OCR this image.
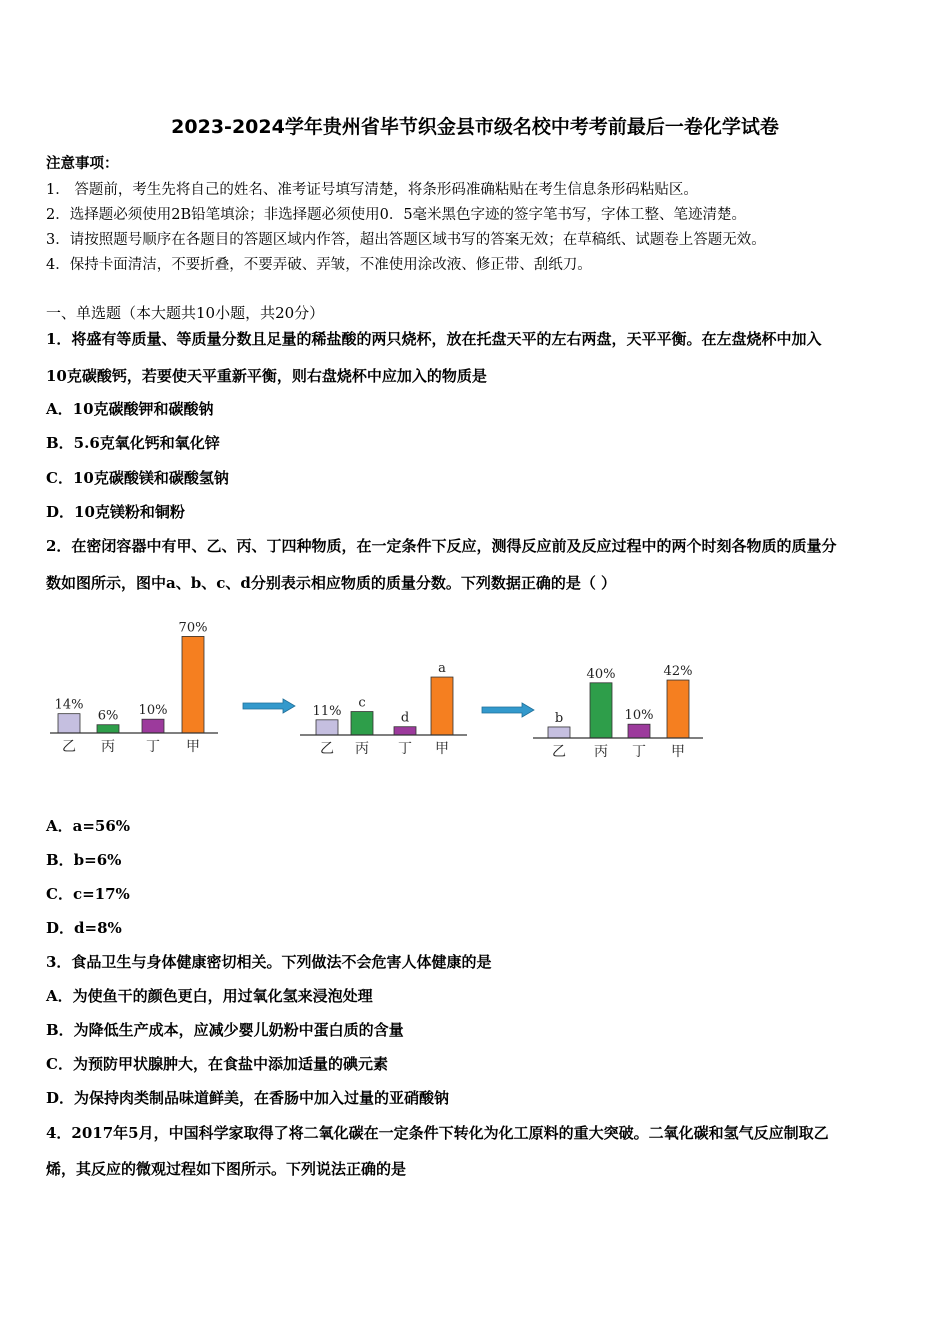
2023-2024学年贵州省毕节织金县市级名校中考考前最后一卷化学试卷
注意事项：
1． 答题前，考生先将自己的姓名、准考证号填写清楚，将条形码准确粘贴在考生信息条形码粘贴区。
2．选择题必须使用2B铅笔填涂；非选择题必须使用0．5毫米黑色字迹的签字笔书写，字体工整、笔迹清楚。
3．请按照题号顺序在各题目的答题区域内作答，超出答题区域书写的答案无效；在草稿纸、试题卷上答题无效。
4．保持卡面清洁，不要折叠，不要弄破、弄皱，不准使用涂改液、修正带、刮纸刀。
一、单选题（本大题共10小题，共20分）
1．将盛有等质量、等质量分数且足量的稀盐酸的两只烧杯，放在托盘天平的左右两盘，天平平衡。在左盘烧杯中加入
10克碳酸钙，若要使天平重新平衡，则右盘烧杯中应加入的物质是
A．10克碳酸钾和碳酸钠
B．5.6克氧化钙和氧化锌
C．10克碳酸镁和碳酸氢钠
D．10克镁粉和铜粉
2．在密闭容器中有甲、乙、丙、丁四种物质，在一定条件下反应，测得反应前及反应过程中的两个时刻各物质的质量分
数如图所示，图中a、b、c、d分别表示相应物质的质量分数。下列数据正确的是（ ）
14%
乙
6%
丙
10%
丁
70%
甲
11%
乙
c
丙
d
丁
a
甲
b
乙
40%
丙
10%
丁
42%
甲
A．a=56%
B．b=6%
C．c=17%
D．d=8%
3．食品卫生与身体健康密切相关。下列做法不会危害人体健康的是
A．为使鱼干的颜色更白，用过氧化氢来浸泡处理
B．为降低生产成本，应减少婴儿奶粉中蛋白质的含量
C．为预防甲状腺肿大，在食盐中添加适量的碘元素
D．为保持肉类制品味道鲜美，在香肠中加入过量的亚硝酸钠
4．2017年5月，中国科学家取得了将二氧化碳在一定条件下转化为化工原料的重大突破。二氧化碳和氢气反应制取乙
烯，其反应的微观过程如下图所示。下列说法正确的是
